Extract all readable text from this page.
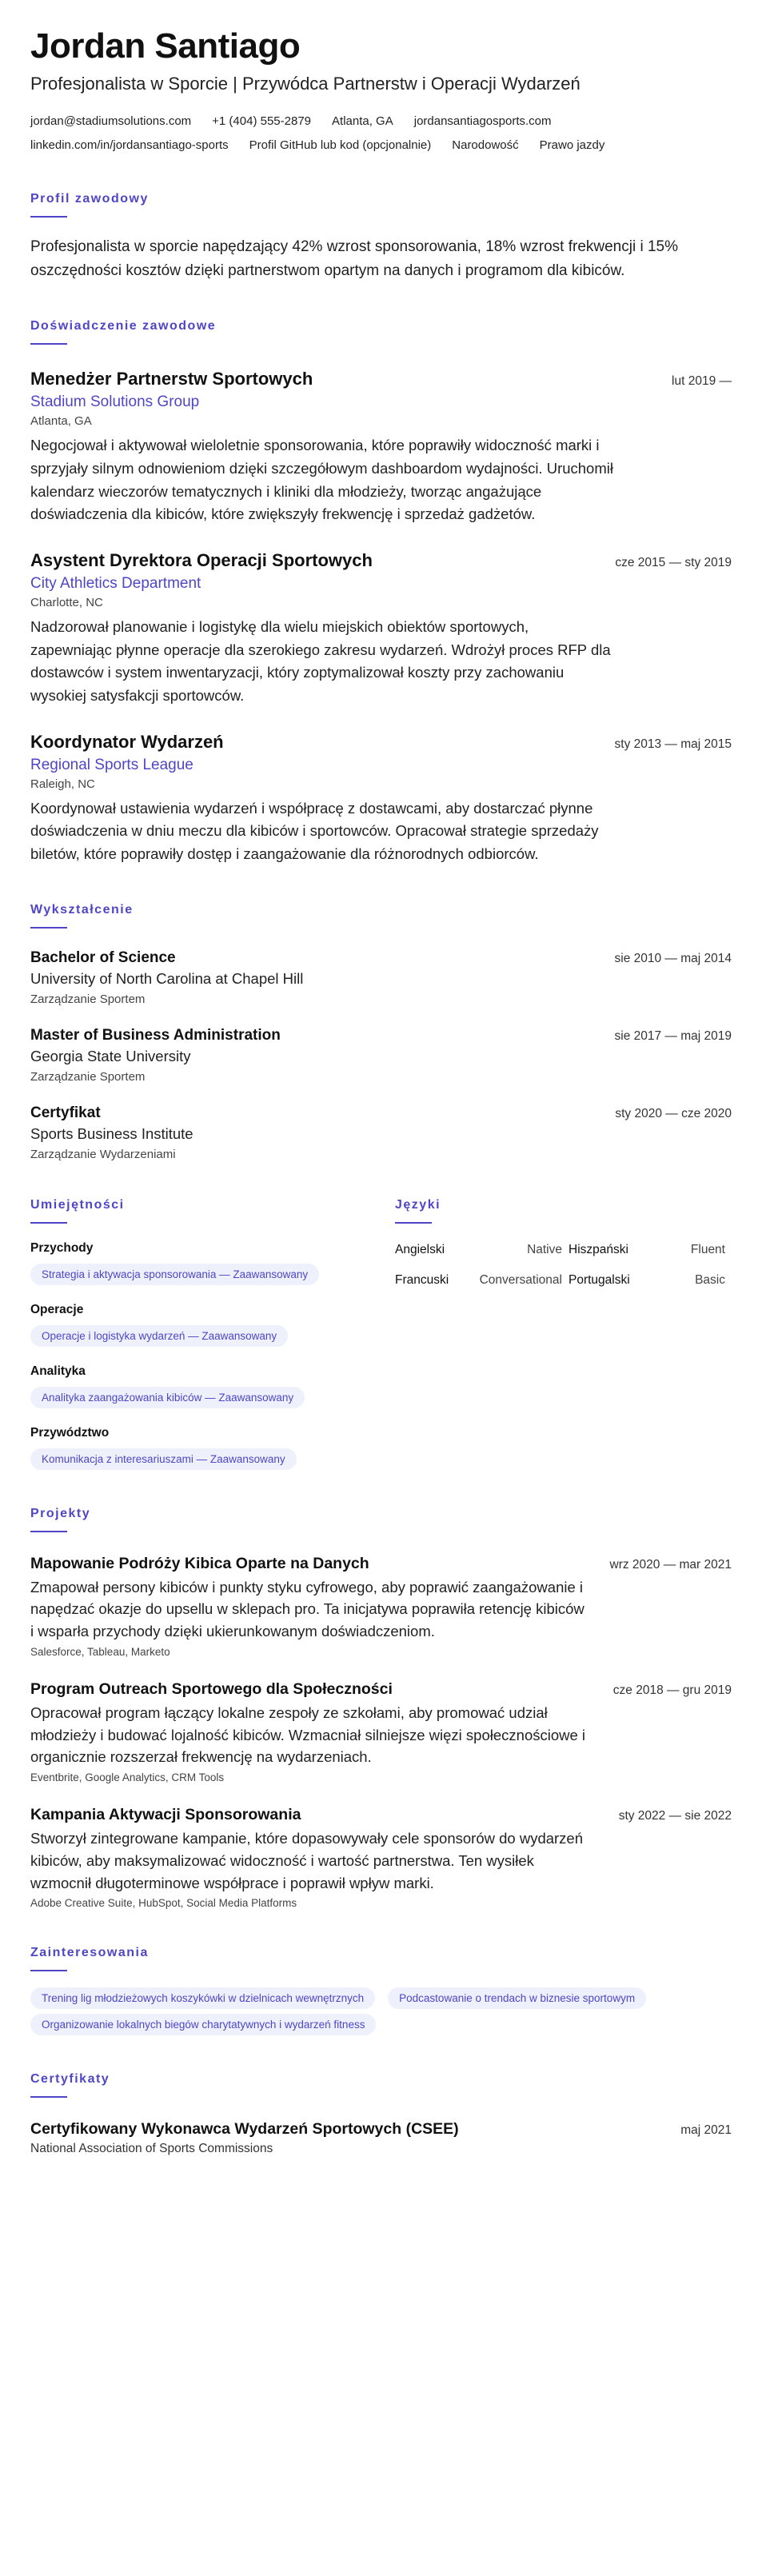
Jordan Santiago
Profesjonalista w Sporcie | Przywódca Partnerstw i Operacji Wydarzeń
jordan@stadiumsolutions.com +1 (404) 555-2879 Atlanta, GA jordansantiagosports.com
linkedin.com/in/jordansantiago-sports Profil GitHub lub kod (opcjonalnie) Narodowość Prawo jazdy
Profil zawodowy

Profesjonalista w sporcie napędzający 42% wzrost sponsorowania, 18% wzrost frekwencji i 15% oszczędności kosztów dzięki partnerstwom opartym na danych i programom dla kibiców.

Doświadczenie zawodowe
Menedżer Partnerstw Sportowych	lut 2019 —
Stadium Solutions Group
Atlanta, GA

Negocjował i aktywował wieloletnie sponsorowania, które poprawiły widoczność marki i sprzyjały silnym odnowieniom dzięki szczegółowym dashboardom wydajności. Uruchomił kalendarz wieczorów tematycznych i kliniki dla młodzieży, tworząc angażujące doświadczenia dla kibiców, które zwiększyły frekwencję i sprzedaż gadżetów.

Asystent Dyrektora Operacji Sportowych	cze 2015 — sty 2019
City Athletics Department
Charlotte, NC

Nadzorował planowanie i logistykę dla wielu miejskich obiektów sportowych, zapewniając płynne operacje dla szerokiego zakresu wydarzeń. Wdrożył proces RFP dla dostawców i system inwentaryzacji, który zoptymalizował koszty przy zachowaniu wysokiej satysfakcji sportowców.

Koordynator Wydarzeń	sty 2013 — maj 2015
Regional Sports League
Raleigh, NC

Koordynował ustawienia wydarzeń i współpracę z dostawcami, aby dostarczać płynne doświadczenia w dniu meczu dla kibiców i sportowców. Opracował strategie sprzedaży biletów, które poprawiły dostęp i zaangażowanie dla różnorodnych odbiorców.

Wykształcenie
Bachelor of Science	sie 2010 — maj 2014
University of North Carolina at Chapel Hill
Zarządzanie Sportem
Master of Business Administration	sie 2017 — maj 2019
Georgia State University
Zarządzanie Sportem
Certyfikat	sty 2020 — cze 2020
Sports Business Institute
Zarządzanie Wydarzeniami
Umiejętności
Przychody
Strategia i aktywacja sponsorowania — Zaawansowany
Operacje
Operacje i logistyka wydarzeń — Zaawansowany
Analityka
Analityka zaangażowania kibiców — Zaawansowany
Przywództwo
Komunikacja z interesariuszami — Zaawansowany
Języki
Angielski	Native Hiszpański	Fluent
Francuski	Conversational Portugalski	Basic
Projekty
Mapowanie Podróży Kibica Oparte na Danych	wrz 2020 — mar 2021

Zmapował persony kibiców i punkty styku cyfrowego, aby poprawić zaangażowanie i napędzać okazje do upsellu w sklepach pro. Ta inicjatywa poprawiła retencję kibiców i wsparła przychody dzięki ukierunkowanym doświadczeniom.

Salesforce, Tableau, Marketo
Program Outreach Sportowego dla Społeczności	cze 2018 — gru 2019

Opracował program łączący lokalne zespoły ze szkołami, aby promować udział młodzieży i budować lojalność kibiców. Wzmacniał silniejsze więzi społecznościowe i organicznie rozszerzał frekwencję na wydarzeniach.

Eventbrite, Google Analytics, CRM Tools
Kampania Aktywacji Sponsorowania	sty 2022 — sie 2022

Stworzył zintegrowane kampanie, które dopasowywały cele sponsorów do wydarzeń kibiców, aby maksymalizować widoczność i wartość partnerstwa. Ten wysiłek wzmocnił długoterminowe współprace i poprawił wpływ marki.

Adobe Creative Suite, HubSpot, Social Media Platforms
Zainteresowania
Trening lig młodzieżowych koszykówki w dzielnicach wewnętrznych	Podcastowanie o trendach w biznesie sportowym
Organizowanie lokalnych biegów charytatywnych i wydarzeń fitness
Certyfikaty
Certyfikowany Wykonawca Wydarzeń Sportowych (CSEE)	maj 2021
National Association of Sports Commissions
